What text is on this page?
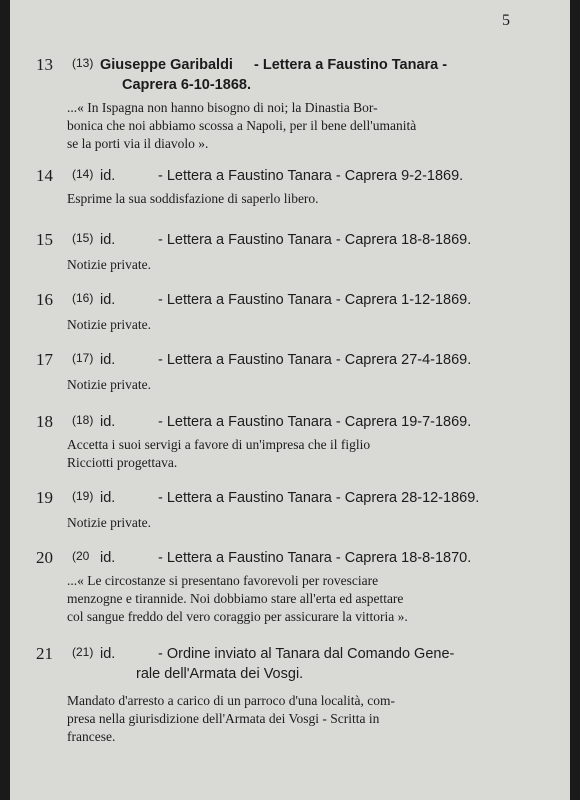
5
13 (13) Giuseppe Garibaldi - Lettera a Faustino Tanara -
Caprera 6-10-1868.
...« In Ispagna non hanno bisogno di noi; la Dinastia Bor-
bonica che noi abbiamo scossa a Napoli, per il bene dell'umanità
se la porti via il diavolo ».
14 (14) id.	- Lettera a Faustino Tanara - Caprera 9-2-1869.
Esprime la sua soddisfazione di saperlo libero.
15 (15) id.	- Lettera a Faustino Tanara - Caprera 18-8-1869.
Notizie private.
16 (16) id.	- Lettera a Faustino Tanara - Caprera 1-12-1869.
Notizie private.
17 (17) id.	- Lettera a Faustino Tanara - Caprera 27-4-1869.
Notizie private.
18 (18) id.	- Lettera a Faustino Tanara - Caprera 19-7-1869.
Accetta i suoi servigi a favore di un'impresa che il figlio
Ricciotti progettava.
19 (19) id.	- Lettera a Faustino Tanara - Caprera 28-12-1869.
Notizie private.
20 (20 id.	- Lettera a Faustino Tanara - Caprera 18-8-1870.
...« Le circostanze si presentano favorevoli per rovesciare
menzogne e tirannide. Noi dobbiamo stare all'erta ed aspettare
col sangue freddo del vero coraggio per assicurare la vittoria ».
21 (21) id.	- Ordine inviato al Tanara dal Comando Gene-
rale dell'Armata dei Vosgi.
Mandato d'arresto a carico di un parroco d'una località, com-
presa nella giurisdizione dell'Armata dei Vosgi - Scritta in
francese.
